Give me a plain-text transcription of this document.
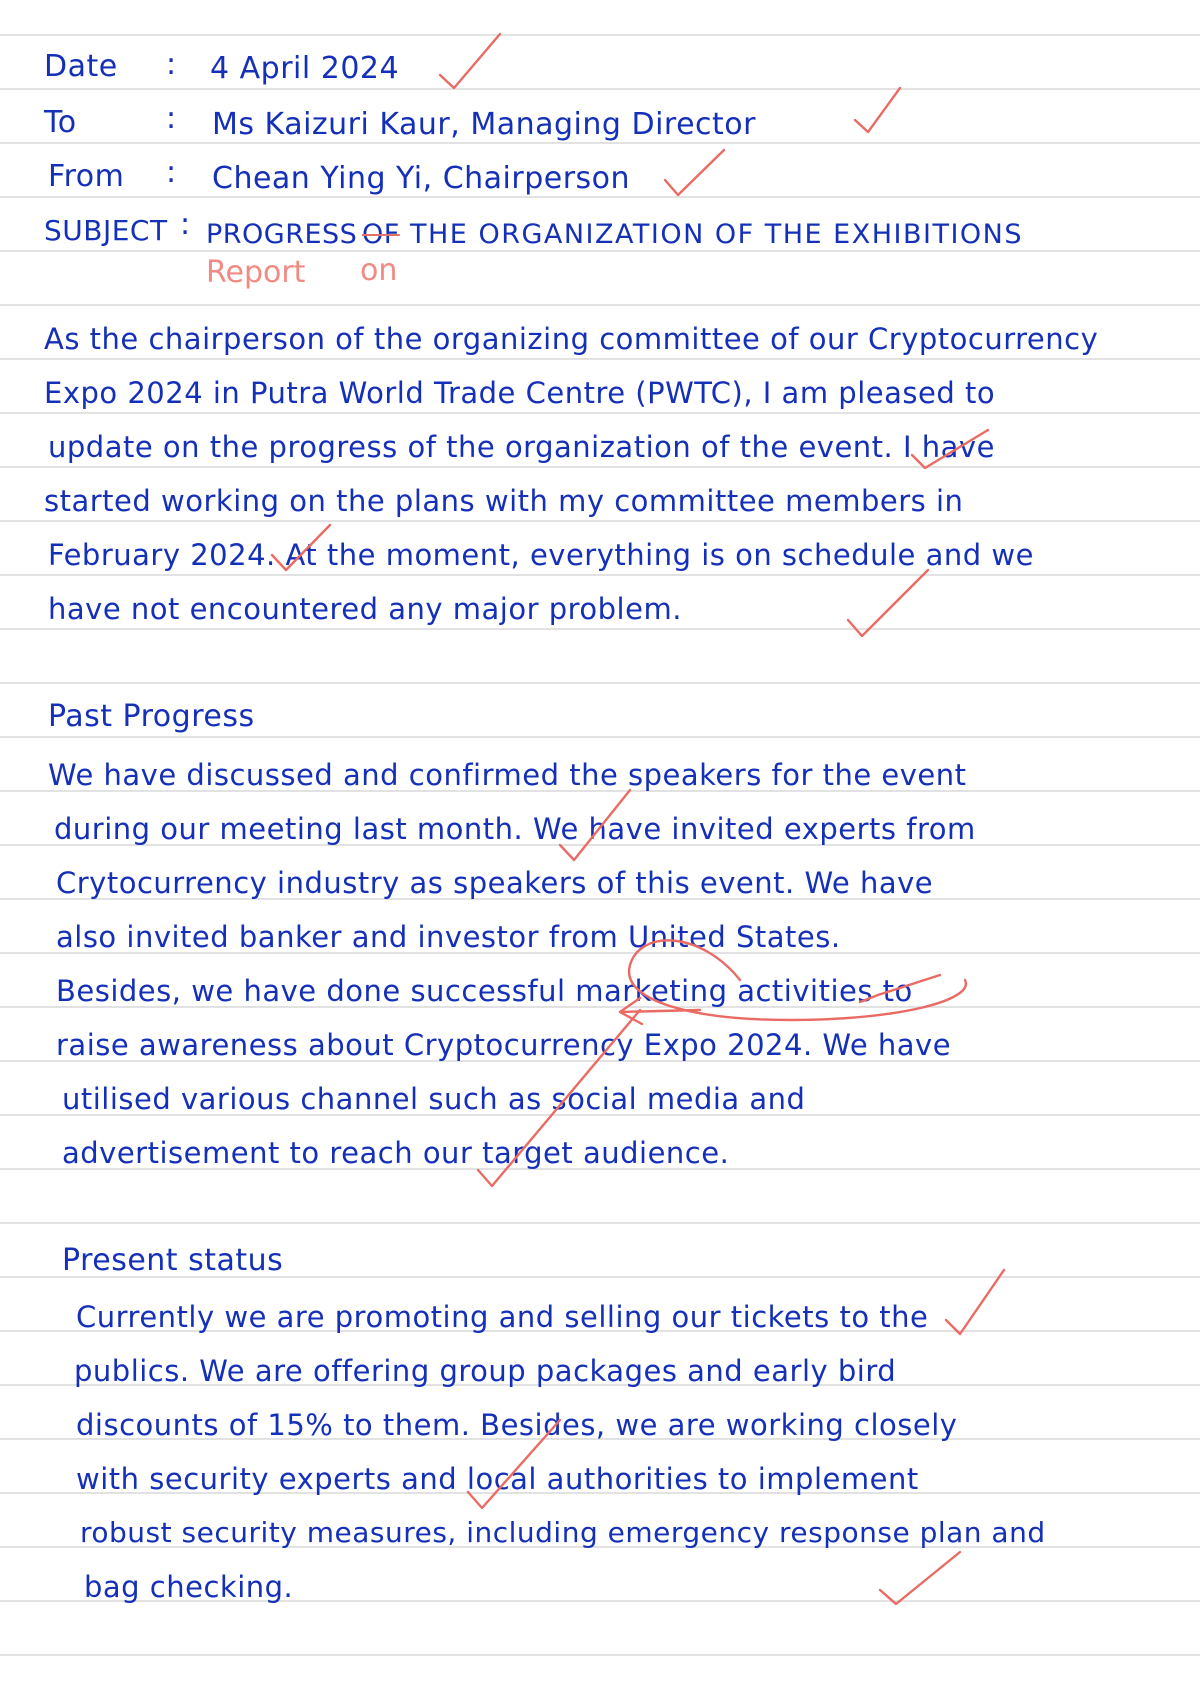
Date : 4 April 2024
To	: Ms Kaizuri Kaur, Managing Director
From : Chean Ying Yi, Chairperson
SUBJECT : PROGRESS OF THE ORGANIZATION OF THE EXHIBITIONS
Report on
As the chairperson of the organizing committee of our Cryptocurrency
Expo 2024 in Putra World Trade Centre (PWTC), I am pleased to
update on the progress of the organization of the event. I have
started working on the plans with my committee members in
February 2024. At the moment, everything is on schedule and we
have not encountered any major problem.
Past Progress
We have discussed and confirmed the speakers for the event
during our meeting last month. We have invited experts from
Crytocurrency industry as speakers of this event. We have
also invited banker and investor from United States.
Besides, we have done successful marketing activities to
raise awareness about Cryptocurrency Expo 2024. We have
utilised various channel such as social media and
advertisement to reach our target audience.
Present status
Currently we are promoting and selling our tickets to the
publics. We are offering group packages and early bird
discounts of 15% to them. Besides, we are working closely
with security experts and local authorities to implement
robust security measures, including emergency response plan and
bag checking.
